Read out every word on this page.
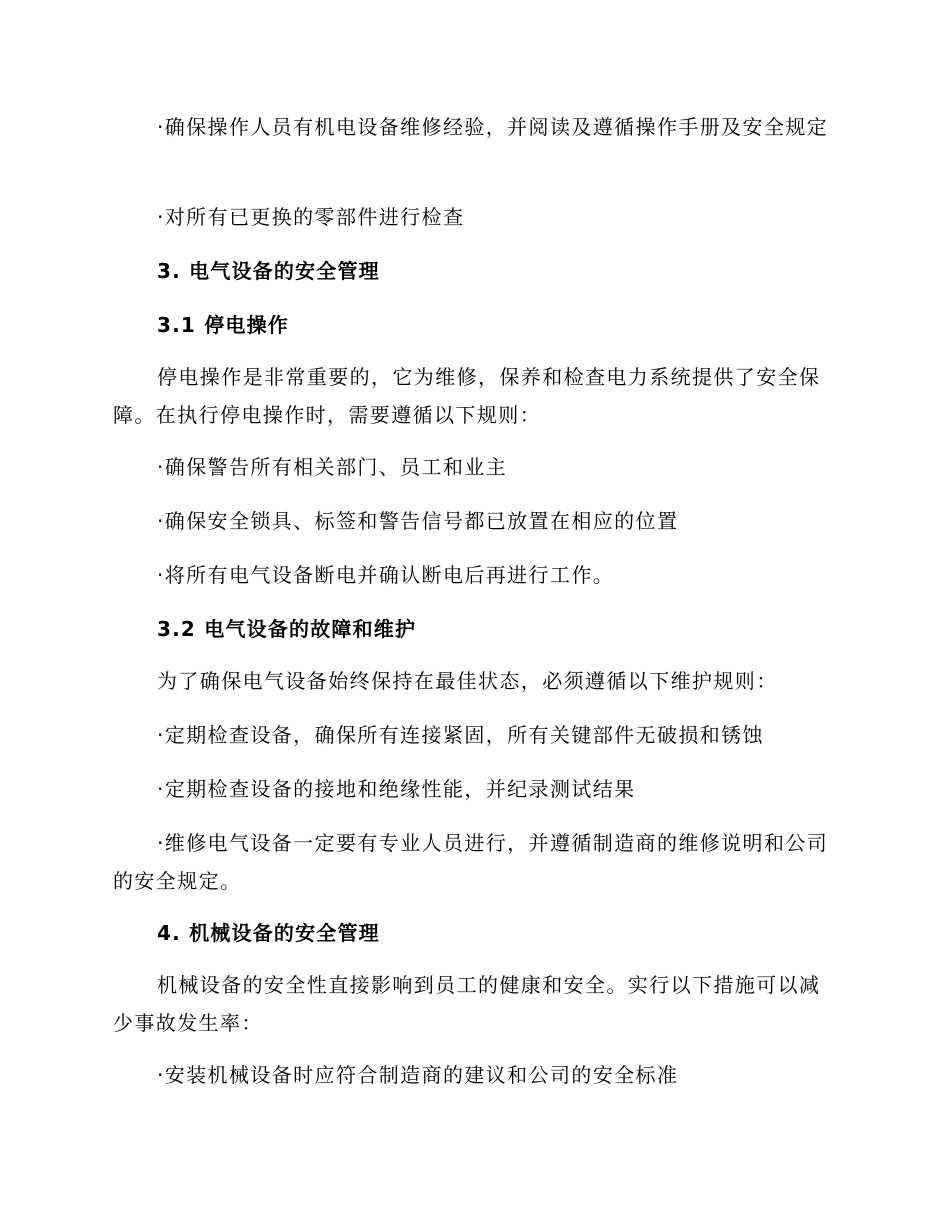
·确保操作人员有机电设备维修经验，并阅读及遵循操作手册及安全规定

·对所有已更换的零部件进行检查

3. 电气设备的安全管理

3.1 停电操作

停电操作是非常重要的，它为维修，保养和检查电力系统提供了安全保障。在执行停电操作时，需要遵循以下规则：

·确保警告所有相关部门、员工和业主

·确保安全锁具、标签和警告信号都已放置在相应的位置

·将所有电气设备断电并确认断电后再进行工作。

3.2 电气设备的故障和维护

为了确保电气设备始终保持在最佳状态，必须遵循以下维护规则：

·定期检查设备，确保所有连接紧固，所有关键部件无破损和锈蚀

·定期检查设备的接地和绝缘性能，并纪录测试结果

·维修电气设备一定要有专业人员进行，并遵循制造商的维修说明和公司的安全规定。

4. 机械设备的安全管理

机械设备的安全性直接影响到员工的健康和安全。实行以下措施可以减少事故发生率：

·安装机械设备时应符合制造商的建议和公司的安全标准
